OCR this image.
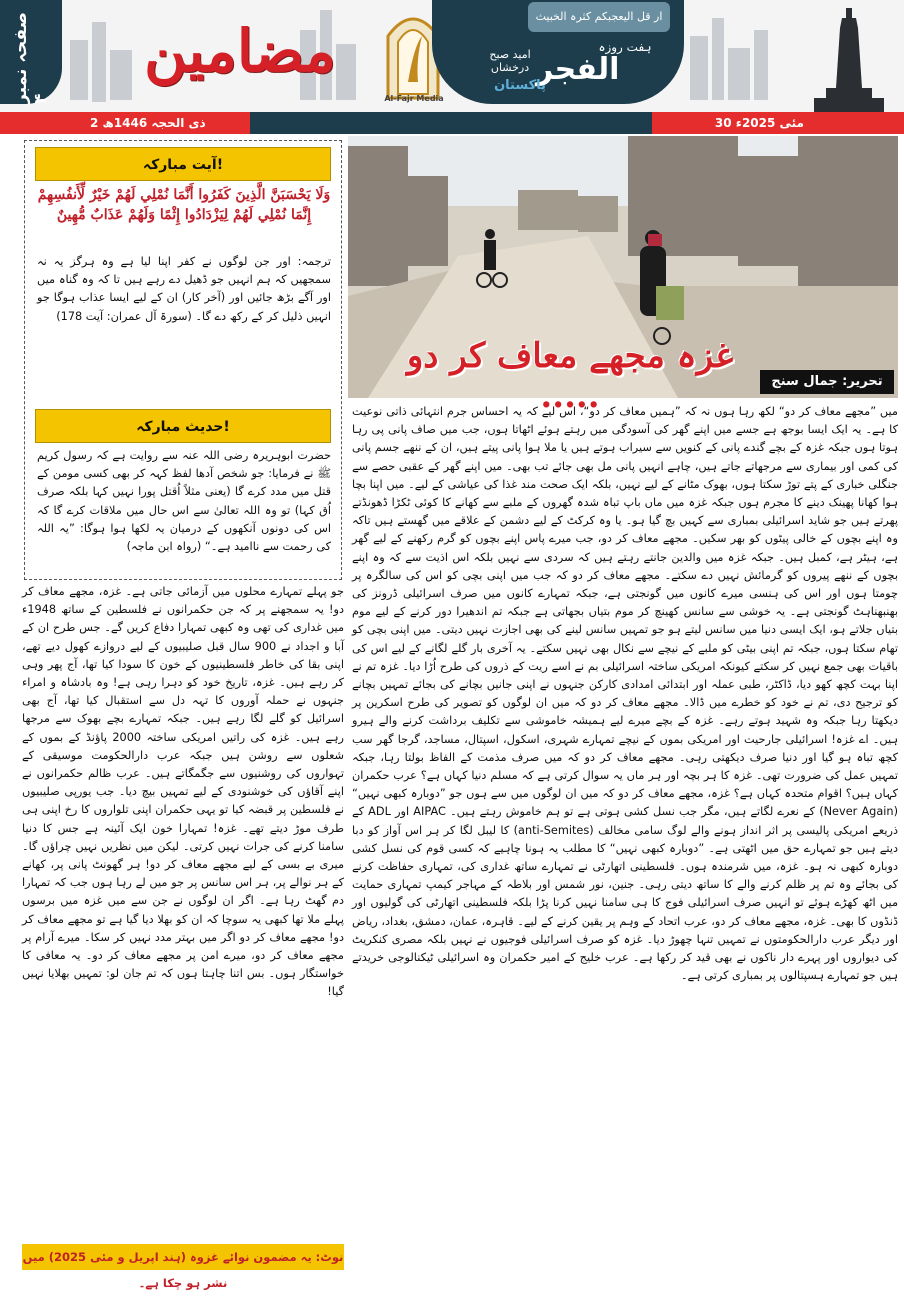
صفحہ نمبر ۴
مضامین
Al-Fajr Media
ار قل اليعجبكم كثرہ الخبيث
ہفت روزہ
الفجر
امید صبح درخشاں
پاکستان
2 ذی الحجہ 1446ھ	30 مئی 2025ء
آیت مبارکہ!
وَلَا يَحْسَبَنَّ الَّذِينَ كَفَرُوا أَنَّمَا نُمْلِي لَهُمْ خَيْرٌ لِّأَنفُسِهِمْ إِنَّمَا نُمْلِي لَهُمْ لِيَزْدَادُوا إِثْمًا وَلَهُمْ عَذَابٌ مُّهِينٌ
ترجمہ: اور جن لوگوں نے کفر اپنا لیا ہے وہ ہرگز یہ نہ سمجھیں کہ ہم انہیں جو ڈھیل دے رہے ہیں تا کہ وہ گناہ میں اور آگے بڑھ جائیں اور (آخر کار) ان کے لیے ایسا عذاب ہوگا جو انہیں ذلیل کر کے رکھ دے گا۔ (سورۃ آل عمران: آیت 178)
حدیث مبارکہ!
حضرت ابوہریرہ رضی اللہ عنہ سے روایت ہے کہ رسول کریم ﷺ نے فرمایا: جو شخص آدھا لفظ کہہ کر بھی کسی مومن کے قتل میں مدد کرے گا (یعنی مثلاً اُقتل پورا نہیں کہا بلکہ صرف اُق کہا) تو وہ اللہ تعالیٰ سے اس حال میں ملاقات کرے گا کہ اس کی دونوں آنکھوں کے درمیان یہ لکھا ہوا ہوگا: ”یہ اللہ کی رحمت سے ناامید ہے۔“ (رواہ ابن ماجہ)
غزہ مجھے معاف کر دو .....	تحریر: جمال سنج
میں ”مجھے معاف کر دو“ لکھ رہا ہوں نہ کہ ”ہمیں معاف کر دو“، اس لیے کہ یہ احساس جرم انتہائی ذاتی نوعیت کا ہے۔ یہ ایک ایسا بوجھ ہے جسے میں اپنے گھر کی آسودگی میں رہتے ہوئے اٹھاتا ہوں، جب میں صاف پانی پی رہا ہوتا ہوں جبکہ غزہ کے بچے گندے پانی کے کنویں سے سیراب ہوتے ہیں یا ملا ہوا پانی پیتے ہیں، ان کے ننھے جسم پانی کی کمی اور بیماری سے مرجھاتے جاتے ہیں، چاہے انہیں پانی مل بھی جائے تب بھی۔ میں اپنے گھر کے عقبی حصے سے جنگلی خباری کے پتے توڑ سکتا ہوں، بھوک مٹانے کے لیے نہیں، بلکہ ایک صحت مند غذا کی عیاشی کے لیے۔ میں اپنا بچا ہوا کھانا پھینک دینے کا مجرم ہوں جبکہ غزہ میں ماں باپ تباہ شدہ گھروں کے ملبے سے کھانے کا کوئی ٹکڑا ڈھونڈتے پھرتے ہیں جو شاید اسرائیلی بمباری سے کہیں بچ گیا ہو۔ یا وہ کرکٹ کے لیے دشمن کے علاقے میں گھستے ہیں تاکہ وہ اپنے بچوں کے خالی پیٹوں کو بھر سکیں۔ مجھے معاف کر دو، جب میرے پاس اپنے بچوں کو گرم رکھنے کے لیے گھر ہے، ہیٹر ہے، کمبل ہیں۔ جبکہ غزہ میں والدین جانتے رہتے ہیں کہ سردی سے نہیں بلکہ اس اذیت سے کہ وہ اپنے بچوں کے ننھے پیروں کو گرمائش نہیں دے سکتے۔ مجھے معاف کر دو کہ جب میں اپنی بچی کو اس کی سالگرہ پر چومتا ہوں اور اس کی ہنسی میرے کانوں میں گونجتی ہے، جبکہ تمہارے کانوں میں صرف اسرائیلی ڈرونز کی بھنبھناہٹ گونجتی ہے۔ یہ خوشی سے سانس کھینچ کر موم بتیاں بجھاتی ہے جبکہ تم اندھیرا دور کرنے کے لیے موم بتیاں جلاتے ہو، ایک ایسی دنیا میں سانس لیتے ہو جو تمہیں سانس لینے کی بھی اجازت نہیں دیتی۔ میں اپنی بچی کو تھام سکتا ہوں، جبکہ تم اپنی بیٹی کو ملبے کے نیچے سے نکال بھی نہیں سکتے۔ یہ آخری بار گلے لگانے کے لیے اس کی باقیات بھی جمع نہیں کر سکتے کیونکہ امریکی ساختہ اسرائیلی بم نے اسے ریت کے ذروں کی طرح اُڑا دیا۔ غزہ تم نے اپنا بہت کچھ کھو دیا، ڈاکٹر، طبی عملہ اور ابتدائی امدادی کارکن جنہوں نے اپنی جانیں بچانے کی بجائے تمہیں بچانے کو ترجیح دی، تم نے خود کو خطرے میں ڈالا۔ مجھے معاف کر دو کہ میں ان لوگوں کو تصویر کی طرح اسکرین پر دیکھتا رہا جبکہ وہ شہید ہوتے رہے۔ غزہ کے بچے میرے لیے ہمیشہ خاموشی سے تکلیف برداشت کرنے والے ہیرو ہیں۔ اے غزہ! اسرائیلی جارحیت اور امریکی بموں کے نیچے تمہارے شہری، اسکول، اسپتال، مساجد، گرجا گھر سب کچھ تباہ ہو گیا اور دنیا صرف دیکھتی رہی۔ مجھے معاف کر دو کہ میں صرف مذمت کے الفاظ بولتا رہا، جبکہ تمہیں عمل کی ضرورت تھی۔ غزہ کا ہر بچہ اور ہر ماں یہ سوال کرتی ہے کہ مسلم دنیا کہاں ہے؟ عرب حکمران کہاں ہیں؟ اقوام متحدہ کہاں ہے؟ غزہ، مجھے معاف کر دو کہ میں ان لوگوں میں سے ہوں جو ”دوبارہ کبھی نہیں“ (Never Again) کے نعرے لگاتے ہیں، مگر جب نسل کشی ہوتی ہے تو ہم خاموش رہتے ہیں۔ AIPAC اور ADL کے ذریعے امریکی پالیسی پر اثر انداز ہونے والے لوگ سامی مخالف (anti-Semites) کا لیبل لگا کر ہر اس آواز کو دبا دیتے ہیں جو تمہارے حق میں اٹھتی ہے۔ ”دوبارہ کبھی نہیں“ کا مطلب یہ ہونا چاہیے کہ کسی قوم کی نسل کشی دوبارہ کبھی نہ ہو۔ غزہ، میں شرمندہ ہوں۔ فلسطینی اتھارٹی نے تمہارے ساتھ غداری کی، تمہاری حفاظت کرنے کی بجائے وہ تم پر ظلم کرنے والے کا ساتھ دیتی رہی۔ جنین، نور شمس اور بلاطہ کے مہاجر کیمپ تمہاری حمایت میں اٹھ کھڑے ہوئے تو انہیں صرف اسرائیلی فوج کا ہی سامنا نہیں کرنا پڑا بلکہ فلسطینی اتھارٹی کی گولیوں اور ڈنڈوں کا بھی۔ غزہ، مجھے معاف کر دو، عرب اتحاد کے وہم پر یقین کرنے کے لیے۔ قاہرہ، عمان، دمشق، بغداد، ریاض اور دیگر عرب دارالحکومتوں نے تمہیں تنہا چھوڑ دیا۔ غزہ کو صرف اسرائیلی فوجیوں نے نہیں بلکہ مصری کنکریٹ کی دیواروں اور پہرے دار ناکوں نے بھی قید کر رکھا ہے۔ عرب خلیج کے امیر حکمران وہ اسرائیلی ٹیکنالوجی خریدتے ہیں جو تمہارے ہسپتالوں پر بمباری کرتی ہے۔
جو پہلے تمہارے محلوں میں آزمائی جاتی ہے۔ غزہ، مجھے معاف کر دو! یہ سمجھنے پر کہ جن حکمرانوں نے فلسطین کے ساتھ 1948ء میں غداری کی تھی وہ کبھی تمہارا دفاع کریں گے۔ جس طرح ان کے آبا و اجداد نے 900 سال قبل صلیبیوں کے لیے دروازے کھول دیے تھے، اپنی بقا کی خاطر فلسطینیوں کے خون کا سودا کیا تھا، آج پھر وہی کر رہے ہیں۔ غزہ، تاریخ خود کو دہرا رہی ہے! وہ بادشاہ و امراء جنہوں نے حملہ آوروں کا تہہ دل سے استقبال کیا تھا، آج بھی اسرائیل کو گلے لگا رہے ہیں۔ جبکہ تمہارے بچے بھوک سے مرجھا رہے ہیں۔ غزہ کی راتیں امریکی ساختہ 2000 پاؤنڈ کے بموں کے شعلوں سے روشن ہیں جبکہ عرب دارالحکومت موسیقی کے تہواروں کی روشنیوں سے جگمگاتے ہیں۔ عرب ظالم حکمرانوں نے اپنے آقاؤں کی خوشنودی کے لیے تمہیں بیچ دیا۔ جب یورپی صلیبیوں نے فلسطین پر قبضہ کیا تو یہی حکمران اپنی تلواروں کا رخ اپنی ہی طرف موڑ دیتے تھے۔ غزہ! تمہارا خون ایک آئینہ ہے جس کا دنیا سامنا کرنے کی جرات نہیں کرتی۔ لیکن میں نظریں نہیں چراؤں گا۔ میری بے بسی کے لیے مجھے معاف کر دو! ہر گھونٹ پانی پر، کھانے کے ہر نوالے پر، ہر اس سانس پر جو میں لے رہا ہوں جب کہ تمہارا دم گھٹ رہا ہے۔ اگر ان لوگوں نے جن سے میں غزہ میں برسوں پہلے ملا تھا کبھی یہ سوچا کہ ان کو بھلا دیا گیا ہے تو مجھے معاف کر دو! مجھے معاف کر دو اگر میں بہتر مدد نہیں کر سکا۔ میرے آرام پر مجھے معاف کر دو، میرے امن پر مجھے معاف کر دو۔ یہ معافی کا خواستگار ہوں۔ بس اتنا چاہتا ہوں کہ تم جان لو: تمہیں بھلایا نہیں گیا!
نوٹ: یہ مضمون نوائے غزوہ (ہند اپریل و مئی 2025) میں نشر ہو چکا ہے۔
